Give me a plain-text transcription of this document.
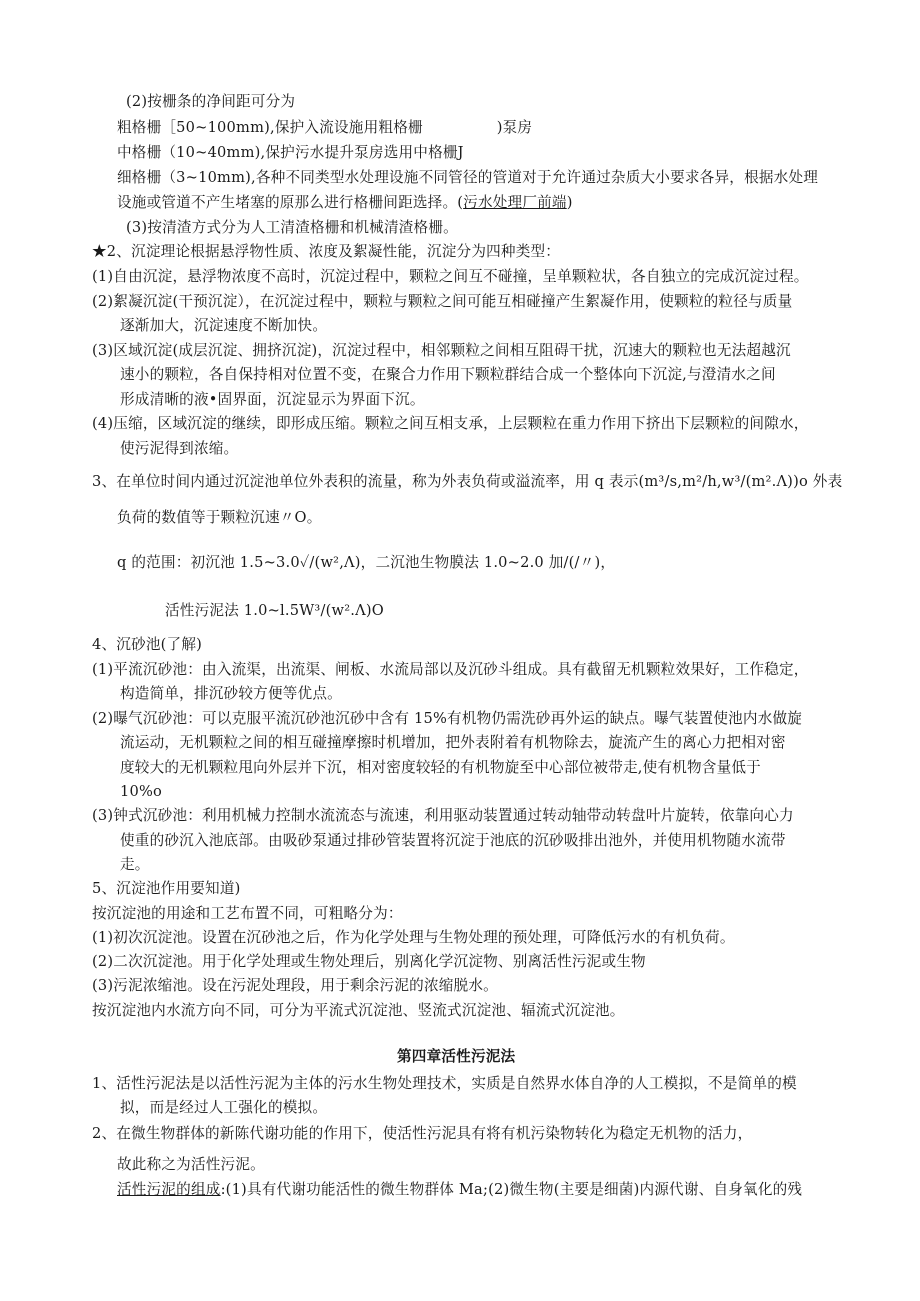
(2)按栅条的净间距可分为
粗格栅［50~100mm),保护入流设施用粗格栅　　　　　)泵房
中格栅（10~40mm),保护污水提升泵房选用中格栅J
细格栅（3~10mm),各种不同类型水处理设施不同管径的管道对于允许通过杂质大小要求各异，根据水处理
设施或管道不产生堵塞的原那么进行格栅间距选择。(污水处理厂前端)
(3)按清渣方式分为人工清渣格栅和机械清渣格栅。
★2、沉淀理论根据悬浮物性质、浓度及絮凝性能，沉淀分为四种类型：
(1)自由沉淀，悬浮物浓度不高时，沉淀过程中，颗粒之间互不碰撞，呈单颗粒状，各自独立的完成沉淀过程。
(2)絮凝沉淀(干预沉淀），在沉淀过程中，颗粒与颗粒之间可能互相碰撞产生絮凝作用，使颗粒的粒径与质量
逐渐加大，沉淀速度不断加快。
(3)区域沉淀(成层沉淀、拥挤沉淀)，沉淀过程中，相邻颗粒之间相互阻碍干扰，沉速大的颗粒也无法超越沉
速小的颗粒，各自保持相对位置不变，在聚合力作用下颗粒群结合成一个整体向下沉淀,与澄清水之间
形成清晰的液•固界面，沉淀显示为界面下沉。
(4)压缩，区域沉淀的继续，即形成压缩。颗粒之间互相支承，上层颗粒在重力作用下挤出下层颗粒的间隙水，
使污泥得到浓缩。
3、在单位时间内通过沉淀池单位外表积的流量，称为外表负荷或溢流率，用 q 表示(m³/s,m²/h,w³/(m².Λ))o 外表
负荷的数值等于颗粒沉速〃O。
q 的范围：初沉池 1.5~3.0✓/(w²,Λ)，二沉池生物膜法 1.0~2.0 加/(/〃)，
活性污泥法 1.0~l.5W³/(w².Λ)O
4、沉砂池(了解)
(1)平流沉砂池：由入流渠，出流渠、闸板、水流局部以及沉砂斗组成。具有截留无机颗粒效果好，工作稳定，
构造简单，排沉砂较方便等优点。
(2)曝气沉砂池：可以克服平流沉砂池沉砂中含有 15%有机物仍需洗砂再外运的缺点。曝气装置使池内水做旋
流运动，无机颗粒之间的相互碰撞摩擦时机增加，把外表附着有机物除去，旋流产生的离心力把相对密
度较大的无机颗粒甩向外层并下沉，相对密度较轻的有机物旋至中心部位被带走,使有机物含量低于
10%o
(3)钟式沉砂池：利用机械力控制水流流态与流速，利用驱动装置通过转动轴带动转盘叶片旋转，依靠向心力
使重的砂沉入池底部。由吸砂泵通过排砂管装置将沉淀于池底的沉砂吸排出池外，并使用机物随水流带
走。
5、沉淀池作用要知道)
按沉淀池的用途和工艺布置不同，可粗略分为：
(1)初次沉淀池。设置在沉砂池之后，作为化学处理与生物处理的预处理，可降低污水的有机负荷。
(2)二次沉淀池。用于化学处理或生物处理后，别离化学沉淀物、别离活性污泥或生物
(3)污泥浓缩池。设在污泥处理段，用于剩余污泥的浓缩脱水。
按沉淀池内水流方向不同，可分为平流式沉淀池、竖流式沉淀池、辐流式沉淀池。
第四章活性污泥法
1、活性污泥法是以活性污泥为主体的污水生物处理技术，实质是自然界水体自净的人工模拟，不是简单的模
拟，而是经过人工强化的模拟。
2、在微生物群体的新陈代谢功能的作用下，使活性污泥具有将有机污染物转化为稳定无机物的活力，
故此称之为活性污泥。
活性污泥的组成:(1)具有代谢功能活性的微生物群体 Ma;(2)微生物(主要是细菌)内源代谢、自身氧化的残
